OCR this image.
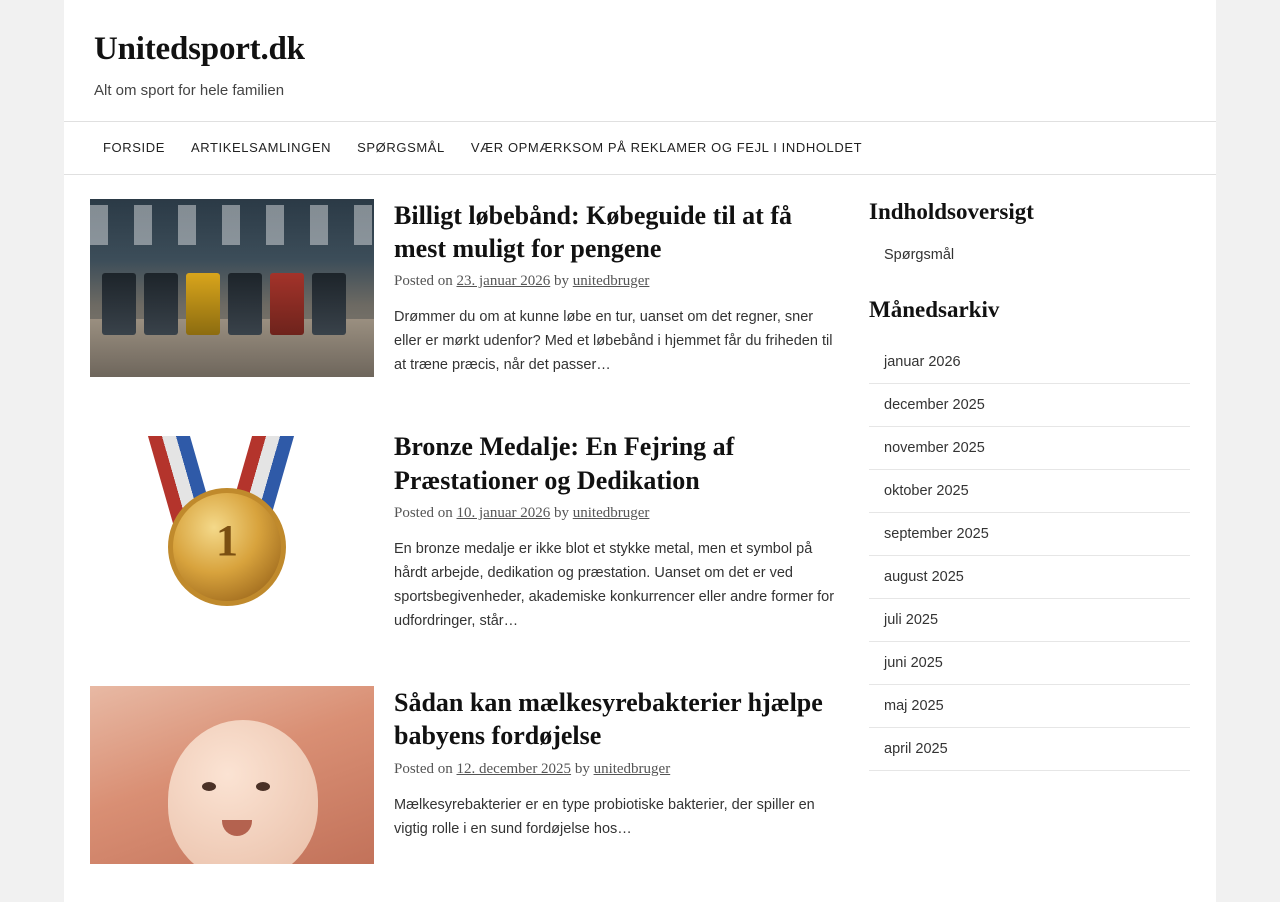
Unitedsport.dk
Alt om sport for hele familien
FORSIDE	ARTIKELSAMLINGEN	SPØRGSMÅL	VÆR OPMÆRKSOM PÅ REKLAMER OG FEJL I INDHOLDET
Billigt løbebånd: Købeguide til at få mest muligt for pengene
Posted on 23. januar 2026 by unitedbruger

Drømmer du om at kunne løbe en tur, uanset om det regner, sner eller er mørkt udenfor? Med et løbebånd i hjemmet får du friheden til at træne præcis, når det passer…

1
Bronze Medalje: En Fejring af Præstationer og Dedikation
Posted on 10. januar 2026 by unitedbruger

En bronze medalje er ikke blot et stykke metal, men et symbol på hårdt arbejde, dedikation og præstation. Uanset om det er ved sportsbegivenheder, akademiske konkurrencer eller andre former for udfordringer, står…

Sådan kan mælkesyrebakterier hjælpe babyens fordøjelse
Posted on 12. december 2025 by unitedbruger

Mælkesyrebakterier er en type probiotiske bakterier, der spiller en vigtig rolle i en sund fordøjelse hos…

Indholdsoversigt
Spørgsmål
Månedsarkiv
januar 2026
december 2025
november 2025
oktober 2025
september 2025
august 2025
juli 2025
juni 2025
maj 2025
april 2025
